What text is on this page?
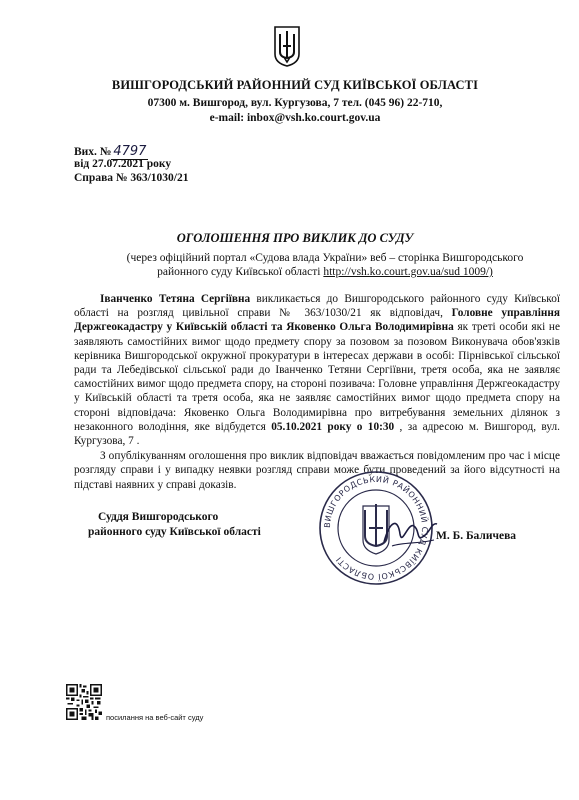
ВИШГОРОДСЬКИЙ РАЙОННИЙ СУД КИЇВСЬКОЇ ОБЛАСТІ
07300 м. Вишгород, вул. Кургузова, 7 тел. (045 96) 22-710,
e-mail: inbox@vsh.ko.court.gov.ua
Вих. № 4797
від 27.07.2021 року
Справа № 363/1030/21
ОГОЛОШЕННЯ ПРО ВИКЛИК ДО СУДУ
(через офіційний портал «Судова влада України» веб – сторінка Вишгородського районного суду Київської області http://vsh.ko.court.gov.ua/sud 1009/)

Іванченко Тетяна Сергіївна викликається до Вишгородського районного суду Київської області на розгляд цивільної справи № 363/1030/21 як відповідач, Головне управління Держгеокадастру у Київській області та Яковенко Ольга Володимирівна як треті особи які не заявляють самостійних вимог щодо предмету спору за позовом за позовом Виконувача обов'язків керівника Вишгородської окружної прокуратури в інтересах держави в особі: Пірнівської сільської ради та Лебедівської сільської ради до Іванченко Тетяни Сергіївни, третя особа, яка не заявляє самостійних вимог щодо предмета спору, на стороні позивача: Головне управління Держгеокадастру у Київській області та третя особа, яка не заявляє самостійних вимог щодо предмета спору на стороні відповідача: Яковенко Ольга Володимирівна про витребування земельних ділянок з незаконного володіння, яке відбудется 05.10.2021 року о 10:30 , за адресою м. Вишгород, вул. Кургузова, 7 .

З опублікуванням оголошення про виклик відповідач вважається повідомленим про час і місце розгляду справи і у випадку неявки розгляд справи може бути проведений за його відсутності на підставі наявних у справі доказів.

Суддя Вишгородського
районного суду Київської області
ВИШГОРОДСЬКИЙ РАЙОННИЙ СУД КИЇВСЬКОЇ ОБЛАСТІ
М. Б. Баличева
посилання на веб-сайт суду
